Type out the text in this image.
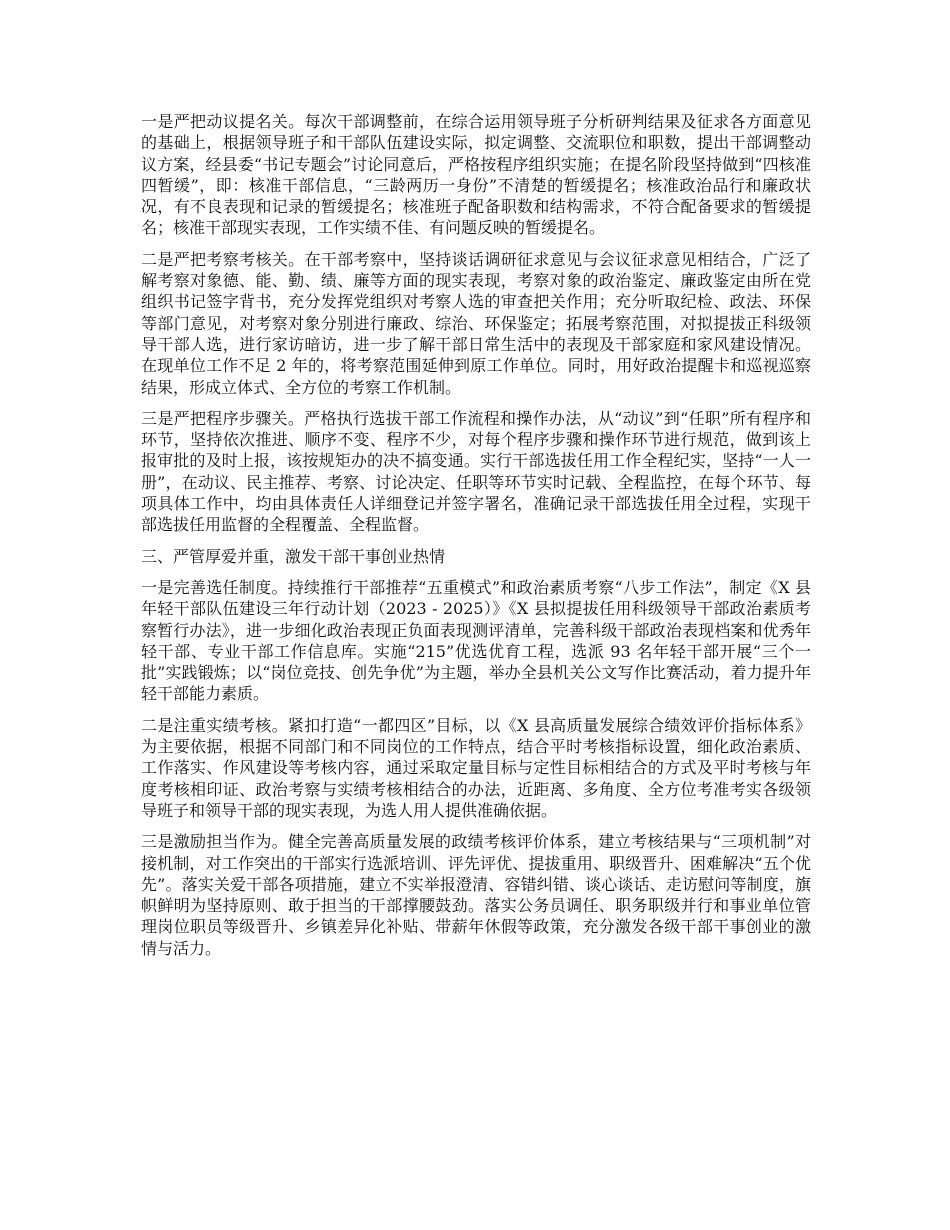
一是严把动议提名关。每次干部调整前，在综合运用领导班子分析研判结果及征求各方面意见的基础上，根据领导班子和干部队伍建设实际，拟定调整、交流职位和职数，提出干部调整动议方案，经县委“书记专题会”讨论同意后，严格按程序组织实施；在提名阶段坚持做到“四核准四暂缓”，即：核准干部信息，“三龄两历一身份”不清楚的暂缓提名；核准政治品行和廉政状况，有不良表现和记录的暂缓提名；核准班子配备职数和结构需求，不符合配备要求的暂缓提名；核准干部现实表现，工作实绩不佳、有问题反映的暂缓提名。

二是严把考察考核关。在干部考察中，坚持谈话调研征求意见与会议征求意见相结合，广泛了解考察对象德、能、勤、绩、廉等方面的现实表现，考察对象的政治鉴定、廉政鉴定由所在党组织书记签字背书，充分发挥党组织对考察人选的审查把关作用；充分听取纪检、政法、环保等部门意见，对考察对象分别进行廉政、综治、环保鉴定；拓展考察范围，对拟提拔正科级领导干部人选，进行家访暗访，进一步了解干部日常生活中的表现及干部家庭和家风建设情况。在现单位工作不足 2 年的，将考察范围延伸到原工作单位。同时，用好政治提醒卡和巡视巡察结果，形成立体式、全方位的考察工作机制。

三是严把程序步骤关。严格执行选拔干部工作流程和操作办法，从“动议”到“任职”所有程序和环节，坚持依次推进、顺序不变、程序不少，对每个程序步骤和操作环节进行规范，做到该上报审批的及时上报，该按规矩办的决不搞变通。实行干部选拔任用工作全程纪实，坚持“一人一册”，在动议、民主推荐、考察、讨论决定、任职等环节实时记载、全程监控，在每个环节、每项具体工作中，均由具体责任人详细登记并签字署名，准确记录干部选拔任用全过程，实现干部选拔任用监督的全程覆盖、全程监督。

三、严管厚爱并重，激发干部干事创业热情

一是完善选任制度。持续推行干部推荐“五重模式”和政治素质考察“八步工作法”，制定《X 县年轻干部队伍建设三年行动计划（2023 - 2025）》《X 县拟提拔任用科级领导干部政治素质考察暂行办法》，进一步细化政治表现正负面表现测评清单，完善科级干部政治表现档案和优秀年轻干部、专业干部工作信息库。实施“215”优选优育工程，选派 93 名年轻干部开展“三个一批”实践锻炼；以“岗位竞技、创先争优”为主题，举办全县机关公文写作比赛活动，着力提升年轻干部能力素质。

二是注重实绩考核。紧扣打造“一都四区”目标，以《X 县高质量发展综合绩效评价指标体系》为主要依据，根据不同部门和不同岗位的工作特点，结合平时考核指标设置，细化政治素质、工作落实、作风建设等考核内容，通过采取定量目标与定性目标相结合的方式及平时考核与年度考核相印证、政治考察与实绩考核相结合的办法，近距离、多角度、全方位考准考实各级领导班子和领导干部的现实表现，为选人用人提供准确依据。

三是激励担当作为。健全完善高质量发展的政绩考核评价体系，建立考核结果与“三项机制”对接机制，对工作突出的干部实行选派培训、评先评优、提拔重用、职级晋升、困难解决“五个优先”。落实关爱干部各项措施，建立不实举报澄清、容错纠错、谈心谈话、走访慰问等制度，旗帜鲜明为坚持原则、敢于担当的干部撑腰鼓劲。落实公务员调任、职务职级并行和事业单位管理岗位职员等级晋升、乡镇差异化补贴、带薪年休假等政策，充分激发各级干部干事创业的激情与活力。
